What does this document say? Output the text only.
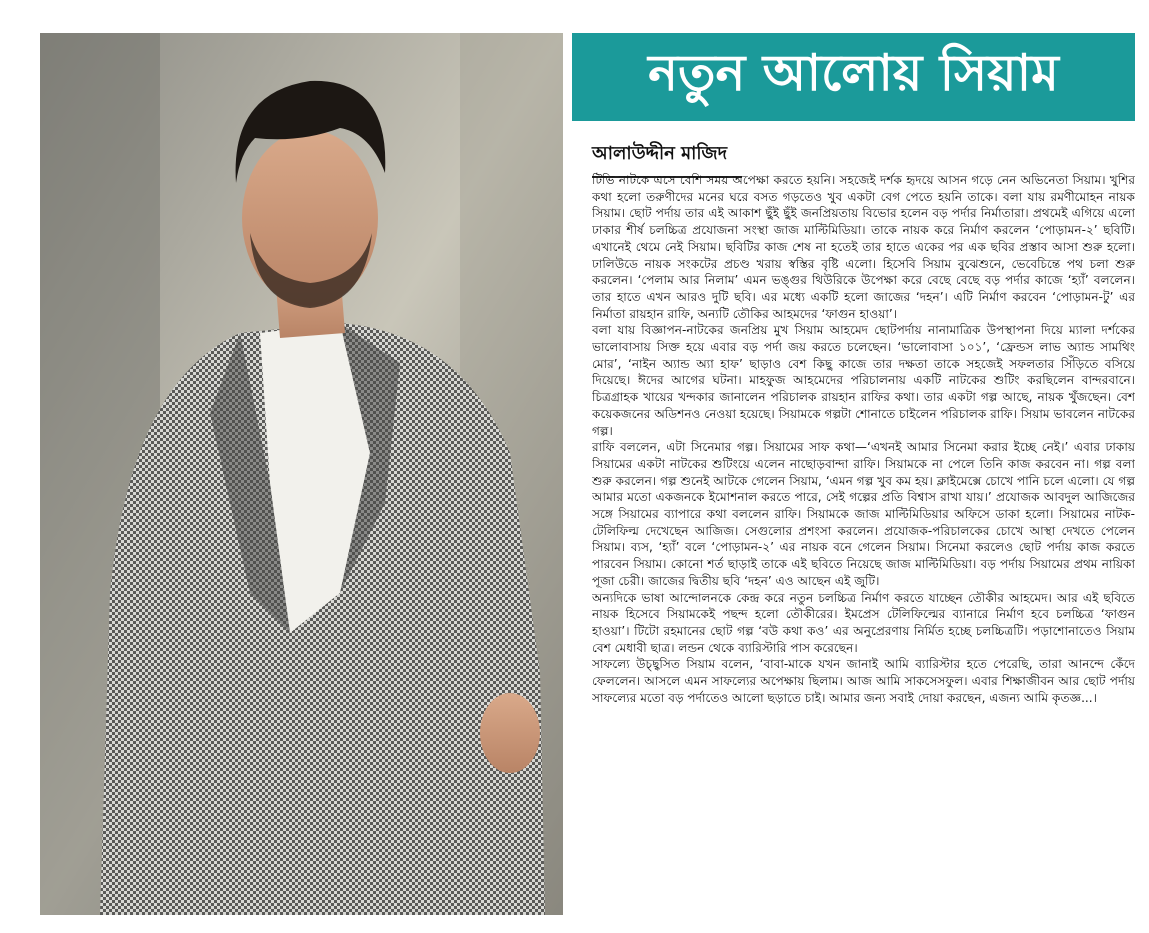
নতুন আলোয় সিয়াম
আলাউদ্দীন মাজিদ

টিভি নাটকে এসে বেশি সময় অপেক্ষা করতে হয়নি। সহজেই দর্শক হৃদয়ে আসন গড়ে নেন অভিনেতা সিয়াম। খুশির কথা হলো তরুণীদের মনের ঘরে বসত গড়তেও খুব একটা বেগ পেতে হয়নি তাকে। বলা যায় রমণীমোহন নায়ক সিয়াম। ছোট পর্দায় তার এই আকাশ ছুঁই ছুঁই জনপ্রিয়তায় বিভোর হলেন বড় পর্দার নির্মাতারা। প্রথমেই এগিয়ে এলো ঢাকার শীর্ষ চলচ্চিত্র প্রযোজনা সংস্থা জাজ মাল্টিমিডিয়া। তাকে নায়ক করে নির্মাণ করলেন ‘পোড়ামন-২’ ছবিটি। এখানেই থেমে নেই সিয়াম। ছবিটির কাজ শেষ না হতেই তার হাতে একের পর এক ছবির প্রস্তাব আসা শুরু হলো। ঢালিউডে নায়ক সংকটের প্রচণ্ড খরায় স্বস্তির বৃষ্টি এলো। হিসেবি সিয়াম বুঝেশুনে, ভেবেচিন্তে পথ চলা শুরু করলেন। ‘পেলাম আর নিলাম’ এমন ভঙ্গুর থিউরিকে উপেক্ষা করে বেছে বেছে বড় পর্দার কাজে ‘হ্যাঁ’ বললেন। তার হাতে এখন আরও দুটি ছবি। এর মধ্যে একটি হলো জাজের ‘দহন’। এটি নির্মাণ করবেন ‘পোড়ামন-টু’ এর নির্মাতা রায়হান রাফি, অন্যটি তৌকির আহমদের ‘ফাগুন হাওয়া’।

বলা যায় বিজ্ঞাপন-নাটকের জনপ্রিয় মুখ সিয়াম আহমেদ ছোটপর্দায় নানামাত্রিক উপস্থাপনা দিয়ে ম্যালা দর্শকের ভালোবাসায় সিক্ত হয়ে এবার বড় পর্দা জয় করতে চলেছেন। ‘ভালোবাসা ১০১’, ‘ফ্রেন্ডস লাভ অ্যান্ড সামথিং মোর’, ‘নাইন অ্যান্ড অ্যা হাফ’ ছাড়াও বেশ কিছু কাজে তার দক্ষতা তাকে সহজেই সফলতার সিঁড়িতে বসিয়ে দিয়েছে। ঈদের আগের ঘটনা। মাহফুজ আহমেদের পরিচালনায় একটি নাটকের শুটিং করছিলেন বান্দরবানে। চিত্রগ্রাহক খায়ের খন্দকার জানালেন পরিচালক রায়হান রাফির কথা। তার একটা গল্প আছে, নায়ক খুঁজছেন। বেশ কয়েকজনের অডিশনও নেওয়া হয়েছে। সিয়ামকে গল্পটা শোনাতে চাইলেন পরিচালক রাফি। সিয়াম ভাবলেন নাটকের গল্প।

রাফি বললেন, এটা সিনেমার গল্প। সিয়ামের সাফ কথা—‘এখনই আমার সিনেমা করার ইচ্ছে নেই।’ এবার ঢাকায় সিয়ামের একটা নাটকের শুটিংয়ে এলেন নাছোড়বান্দা রাফি। সিয়ামকে না পেলে তিনি কাজ করবেন না। গল্প বলা শুরু করলেন। গল্প শুনেই আটকে গেলেন সিয়াম, ‘এমন গল্প খুব কম হয়। ক্লাইমেক্সে চোখে পানি চলে এলো। যে গল্প আমার মতো একজনকে ইমোশনাল করতে পারে, সেই গল্পের প্রতি বিশ্বাস রাখা যায়।’ প্রযোজক আবদুল আজিজের সঙ্গে সিয়ামের ব্যাপারে কথা বললেন রাফি। সিয়ামকে জাজ মাল্টিমিডিয়ার অফিসে ডাকা হলো। সিয়ামের নাটক-টেলিফিল্ম দেখেছেন আজিজ। সেগুলোর প্রশংসা করলেন। প্রযোজক-পরিচালকের চোখে আস্থা দেখতে পেলেন সিয়াম। ব্যস, ‘হ্যাঁ’ বলে ‘পোড়ামন-২’ এর নায়ক বনে গেলেন সিয়াম। সিনেমা করলেও ছোট পর্দায় কাজ করতে পারবেন সিয়াম। কোনো শর্ত ছাড়াই তাকে এই ছবিতে নিয়েছে জাজ মাল্টিমিডিয়া। বড় পর্দায় সিয়ামের প্রথম নায়িকা পূজা চেরী। জাজের দ্বিতীয় ছবি ‘দহন’ এও আছেন এই জুটি।

অন্যদিকে ভাষা আন্দোলনকে কেন্দ্র করে নতুন চলচ্চিত্র নির্মাণ করতে যাচ্ছেন তৌকীর আহমেদ। আর এই ছবিতে নায়ক হিসেবে সিয়ামকেই পছন্দ হলো তৌকীরের। ইমপ্রেস টেলিফিল্মের ব্যানারে নির্মাণ হবে চলচ্চিত্র ‘ফাগুন হাওয়া’। টিটো রহমানের ছোট গল্প ‘বউ কথা কও’ এর অনুপ্রেরণায় নির্মিত হচ্ছে চলচ্চিত্রটি। পড়াশোনাতেও সিয়াম বেশ মেধাবী ছাত্র। লন্ডন থেকে ব্যারিস্টারি পাস করেছেন।

সাফল্যে উচ্ছ্বসিত সিয়াম বলেন, ‘বাবা-মাকে যখন জানাই আমি ব্যারিস্টার হতে পেরেছি, তারা আনন্দে কেঁদে ফেললেন। আসলে এমন সাফল্যের অপেক্ষায় ছিলাম। আজ আমি সাকসেসফুল। এবার শিক্ষাজীবন আর ছোট পর্দায় সাফল্যের মতো বড় পর্দাতেও আলো ছড়াতে চাই। আমার জন্য সবাই দোয়া করছেন, এজন্য আমি কৃতজ্ঞ...।
